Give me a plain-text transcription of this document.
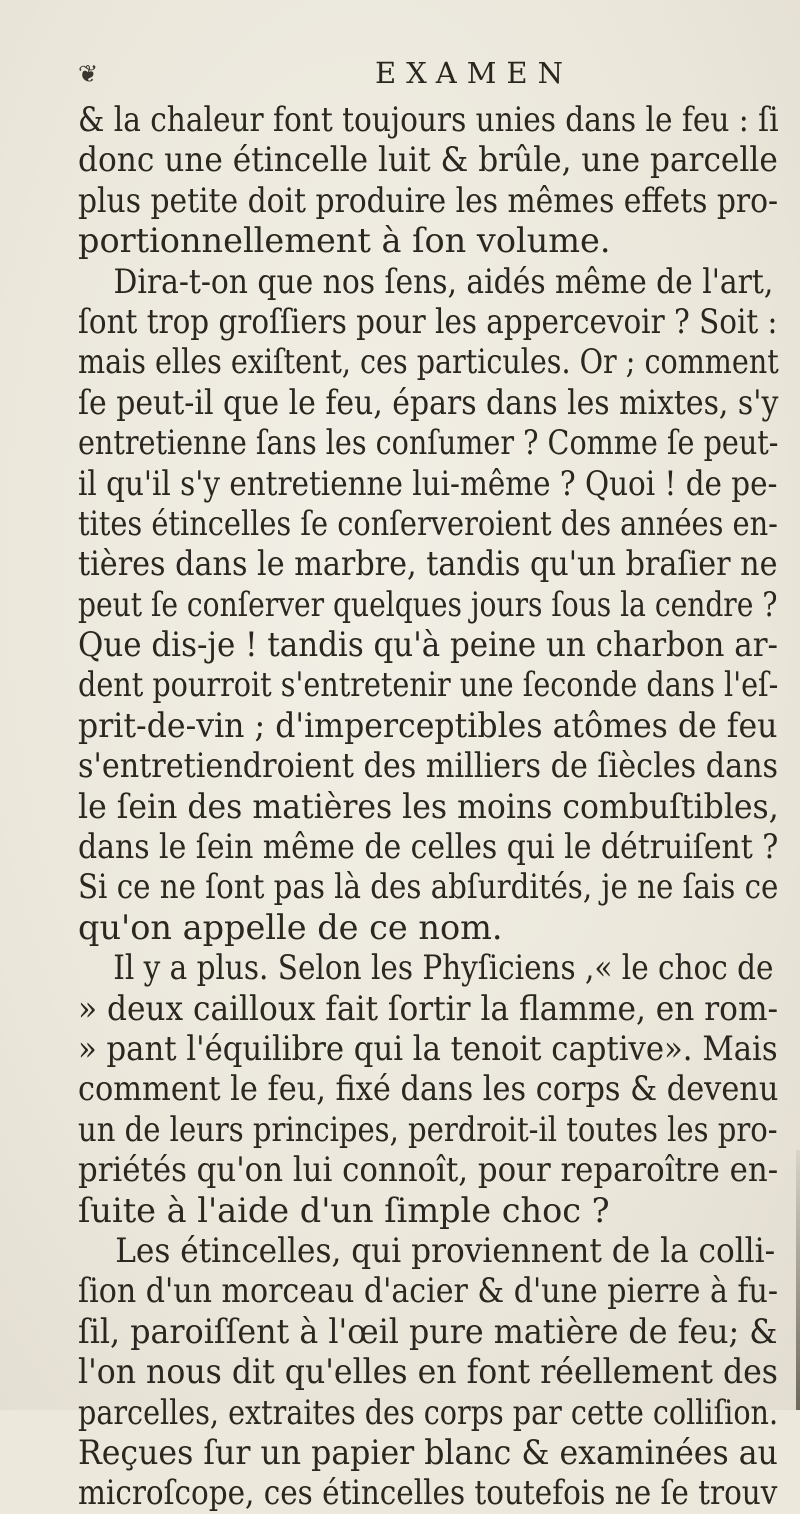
❦	EXAMEN
& la chaleur font toujours unies dans le feu : ſi
donc une étincelle luit & brûle, une parcelle
plus petite doit produire les mêmes effets pro-
portionnellement à ſon volume.
Dira-t-on que nos ſens, aidés même de l'art,
ſont trop groſſiers pour les appercevoir ? Soit :
mais elles exiſtent, ces particules. Or ; comment
ſe peut-il que le feu, épars dans les mixtes, s'y
entretienne ſans les conſumer ? Comme ſe peut-
il qu'il s'y entretienne lui-même ? Quoi ! de pe-
tites étincelles ſe conſerveroient des années en-
tières dans le marbre, tandis qu'un braſier ne
peut ſe conſerver quelques jours ſous la cendre ?
Que dis-je ! tandis qu'à peine un charbon ar-
dent pourroit s'entretenir une ſeconde dans l'eſ-
prit-de-vin ; d'imperceptibles atômes de feu
s'entretiendroient des milliers de ſiècles dans
le ſein des matières les moins combuſtibles,
dans le ſein même de celles qui le détruiſent ?
Si ce ne ſont pas là des abſurdités, je ne ſais ce
qu'on appelle de ce nom.
Il y a plus. Selon les Phyſiciens ,« le choc de
» deux cailloux fait ſortir la flamme, en rom-
» pant l'équilibre qui la tenoit captive». Mais
comment le feu, fixé dans les corps & devenu
un de leurs principes, perdroit-il toutes les pro-
priétés qu'on lui connoît, pour reparoître en-
ſuite à l'aide d'un ſimple choc ?
Les étincelles, qui proviennent de la colli-
ſion d'un morceau d'acier & d'une pierre à fu-
ſil, paroiſſent à l'œil pure matière de feu; &
l'on nous dit qu'elles en font réellement des
parcelles, extraites des corps par cette colliſion.
Reçues ſur un papier blanc & examinées au
microſcope, ces étincelles toutefois ne ſe trouv
